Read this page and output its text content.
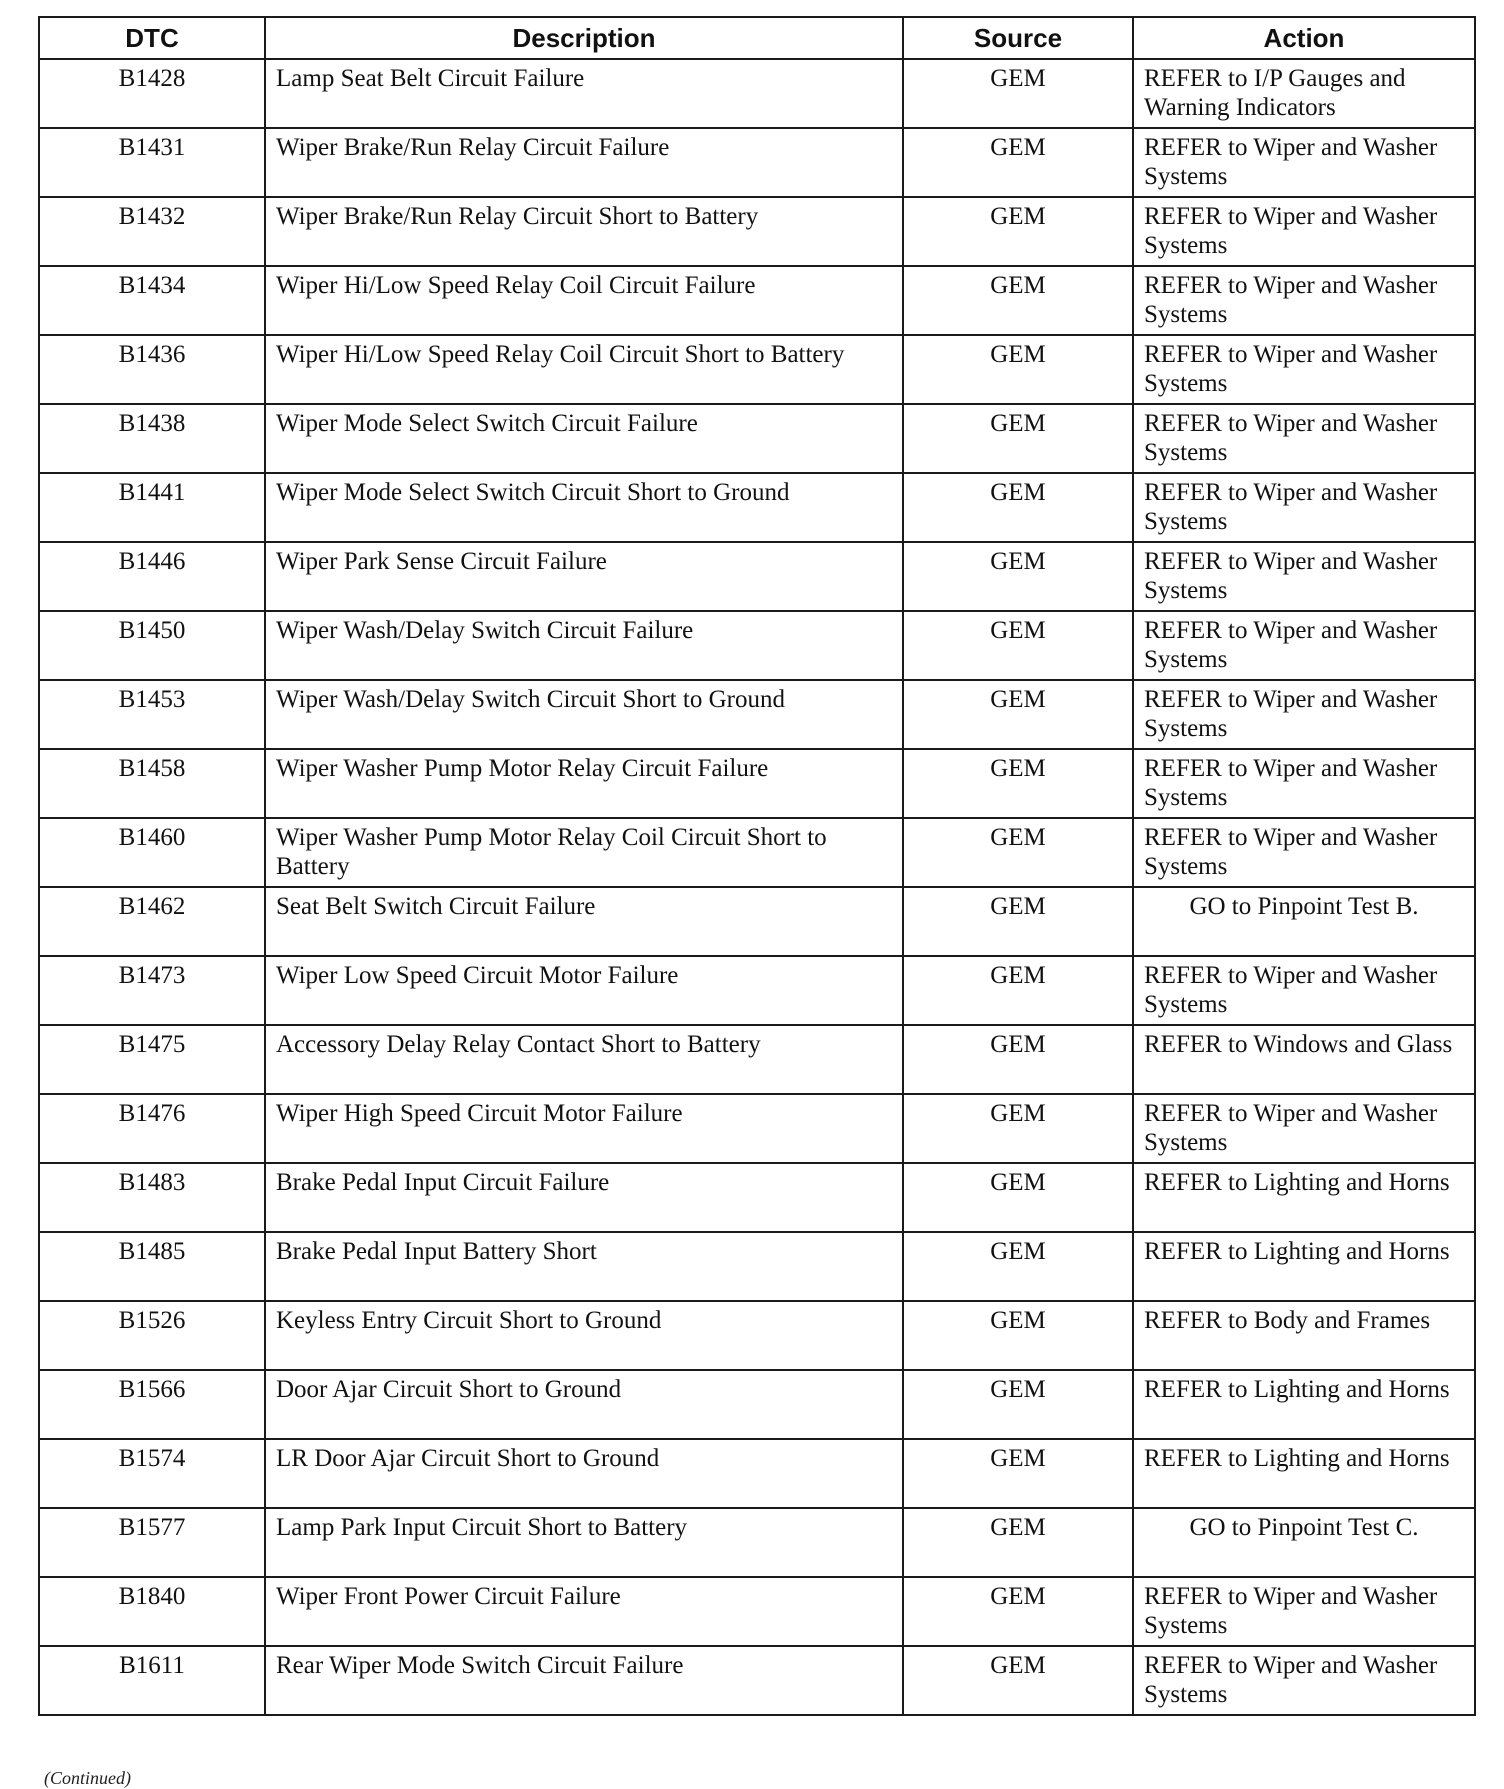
DTC	Description	Source	Action
B1428	Lamp Seat Belt Circuit Failure	GEM	REFER to I/P Gauges and Warning Indicators
B1431	Wiper Brake/Run Relay Circuit Failure	GEM	REFER to Wiper and Washer Systems
B1432	Wiper Brake/Run Relay Circuit Short to Battery	GEM	REFER to Wiper and Washer Systems
B1434	Wiper Hi/Low Speed Relay Coil Circuit Failure	GEM	REFER to Wiper and Washer Systems
B1436	Wiper Hi/Low Speed Relay Coil Circuit Short to Battery	GEM	REFER to Wiper and Washer Systems
B1438	Wiper Mode Select Switch Circuit Failure	GEM	REFER to Wiper and Washer Systems
B1441	Wiper Mode Select Switch Circuit Short to Ground	GEM	REFER to Wiper and Washer Systems
B1446	Wiper Park Sense Circuit Failure	GEM	REFER to Wiper and Washer Systems
B1450	Wiper Wash/Delay Switch Circuit Failure	GEM	REFER to Wiper and Washer Systems
B1453	Wiper Wash/Delay Switch Circuit Short to Ground	GEM	REFER to Wiper and Washer Systems
B1458	Wiper Washer Pump Motor Relay Circuit Failure	GEM	REFER to Wiper and Washer Systems
B1460	Wiper Washer Pump Motor Relay Coil Circuit Short to Battery	GEM	REFER to Wiper and Washer Systems
B1462	Seat Belt Switch Circuit Failure	GEM	GO to Pinpoint Test B.
B1473	Wiper Low Speed Circuit Motor Failure	GEM	REFER to Wiper and Washer Systems
B1475	Accessory Delay Relay Contact Short to Battery	GEM	REFER to Windows and Glass
B1476	Wiper High Speed Circuit Motor Failure	GEM	REFER to Wiper and Washer Systems
B1483	Brake Pedal Input Circuit Failure	GEM	REFER to Lighting and Horns
B1485	Brake Pedal Input Battery Short	GEM	REFER to Lighting and Horns
B1526	Keyless Entry Circuit Short to Ground	GEM	REFER to Body and Frames
B1566	Door Ajar Circuit Short to Ground	GEM	REFER to Lighting and Horns
B1574	LR Door Ajar Circuit Short to Ground	GEM	REFER to Lighting and Horns
B1577	Lamp Park Input Circuit Short to Battery	GEM	GO to Pinpoint Test C.
B1840	Wiper Front Power Circuit Failure	GEM	REFER to Wiper and Washer Systems
B1611	Rear Wiper Mode Switch Circuit Failure	GEM	REFER to Wiper and Washer Systems
(Continued)
